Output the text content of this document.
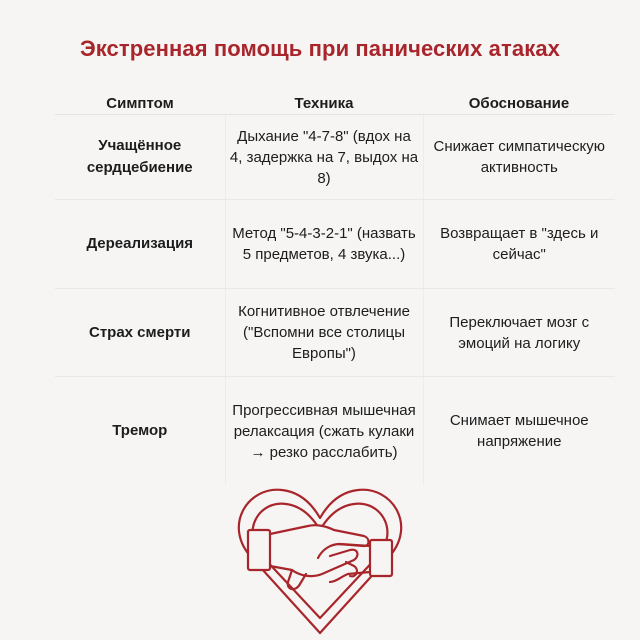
Экстренная помощь при панических атаках
Симптом	Техника	Обоснование
Учащённое сердцебиение	Дыхание "4-7-8" (вдох на 4, задержка на 7, выдох на 8)	Снижает симпатическую активность
Дереализация	Метод "5-4-3-2-1" (назвать 5 предметов, 4 звука...)	Возвращает в "здесь и сейчас"
Страх смерти	Когнитивное отвлечение ("Вспомни все столицы Европы")	Переключает мозг с эмоций на логику
Тремор	Прогрессивная мышечная релаксация (сжать кулаки → резко расслабить)	Снимает мышечное напряжение
